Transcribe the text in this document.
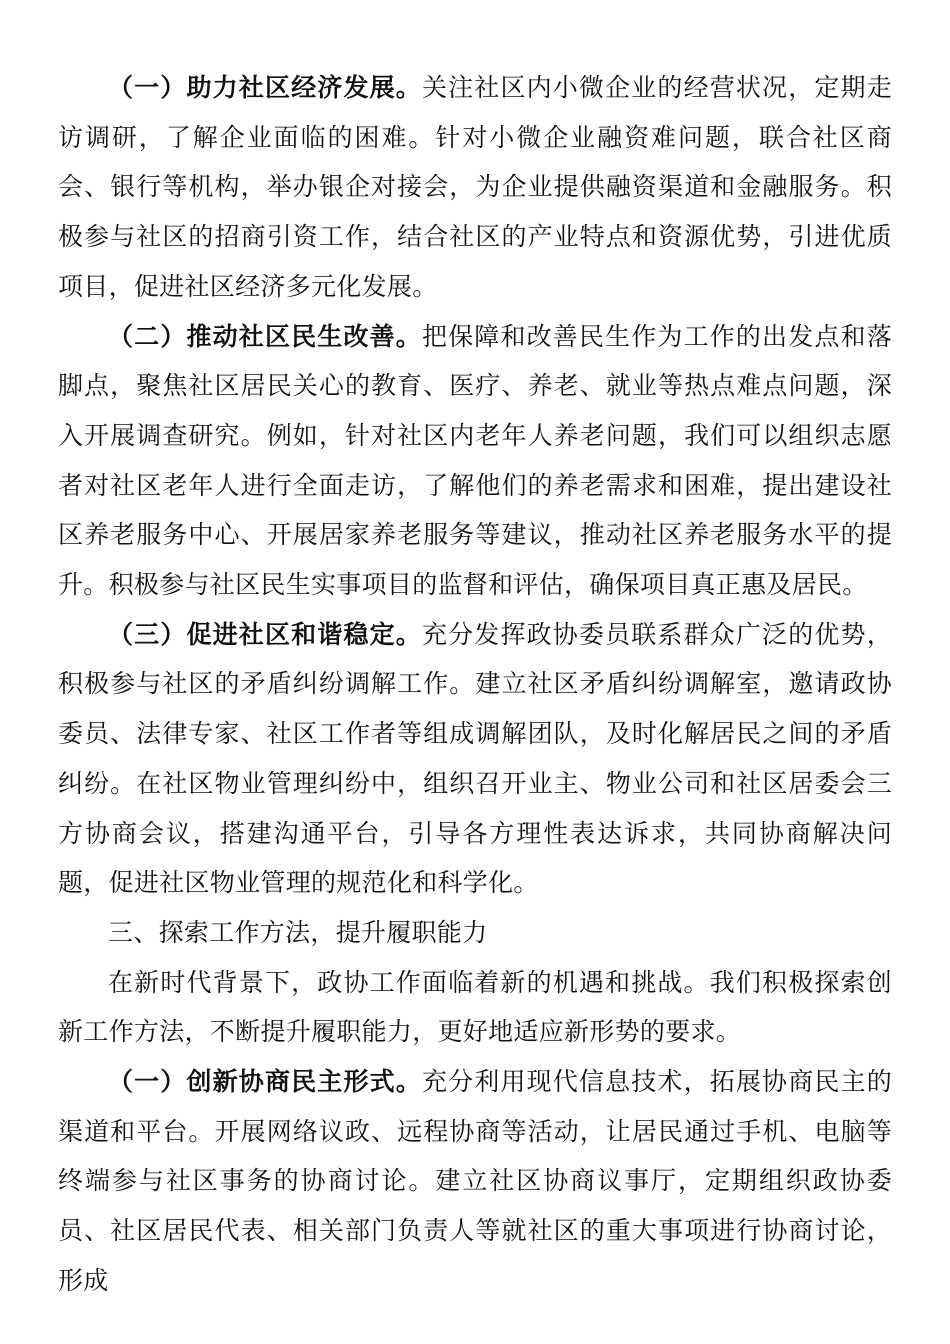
（一）助力社区经济发展。关注社区内小微企业的经营状况，定期走访调研，了解企业面临的困难。针对小微企业融资难问题，联合社区商会、银行等机构，举办银企对接会，为企业提供融资渠道和金融服务。积极参与社区的招商引资工作，结合社区的产业特点和资源优势，引进优质项目，促进社区经济多元化发展。

（二）推动社区民生改善。把保障和改善民生作为工作的出发点和落脚点，聚焦社区居民关心的教育、医疗、养老、就业等热点难点问题，深入开展调查研究。例如，针对社区内老年人养老问题，我们可以组织志愿者对社区老年人进行全面走访，了解他们的养老需求和困难，提出建设社区养老服务中心、开展居家养老服务等建议，推动社区养老服务水平的提升。积极参与社区民生实事项目的监督和评估，确保项目真正惠及居民。

（三）促进社区和谐稳定。充分发挥政协委员联系群众广泛的优势，积极参与社区的矛盾纠纷调解工作。建立社区矛盾纠纷调解室，邀请政协委员、法律专家、社区工作者等组成调解团队，及时化解居民之间的矛盾纠纷。在社区物业管理纠纷中，组织召开业主、物业公司和社区居委会三方协商会议，搭建沟通平台，引导各方理性表达诉求，共同协商解决问题，促进社区物业管理的规范化和科学化。

三、探索工作方法，提升履职能力

在新时代背景下，政协工作面临着新的机遇和挑战。我们积极探索创新工作方法，不断提升履职能力，更好地适应新形势的要求。

（一）创新协商民主形式。充分利用现代信息技术，拓展协商民主的渠道和平台。开展网络议政、远程协商等活动，让居民通过手机、电脑等终端参与社区事务的协商讨论。建立社区协商议事厅，定期组织政协委员、社区居民代表、相关部门负责人等就社区的重大事项进行协商讨论，形成
